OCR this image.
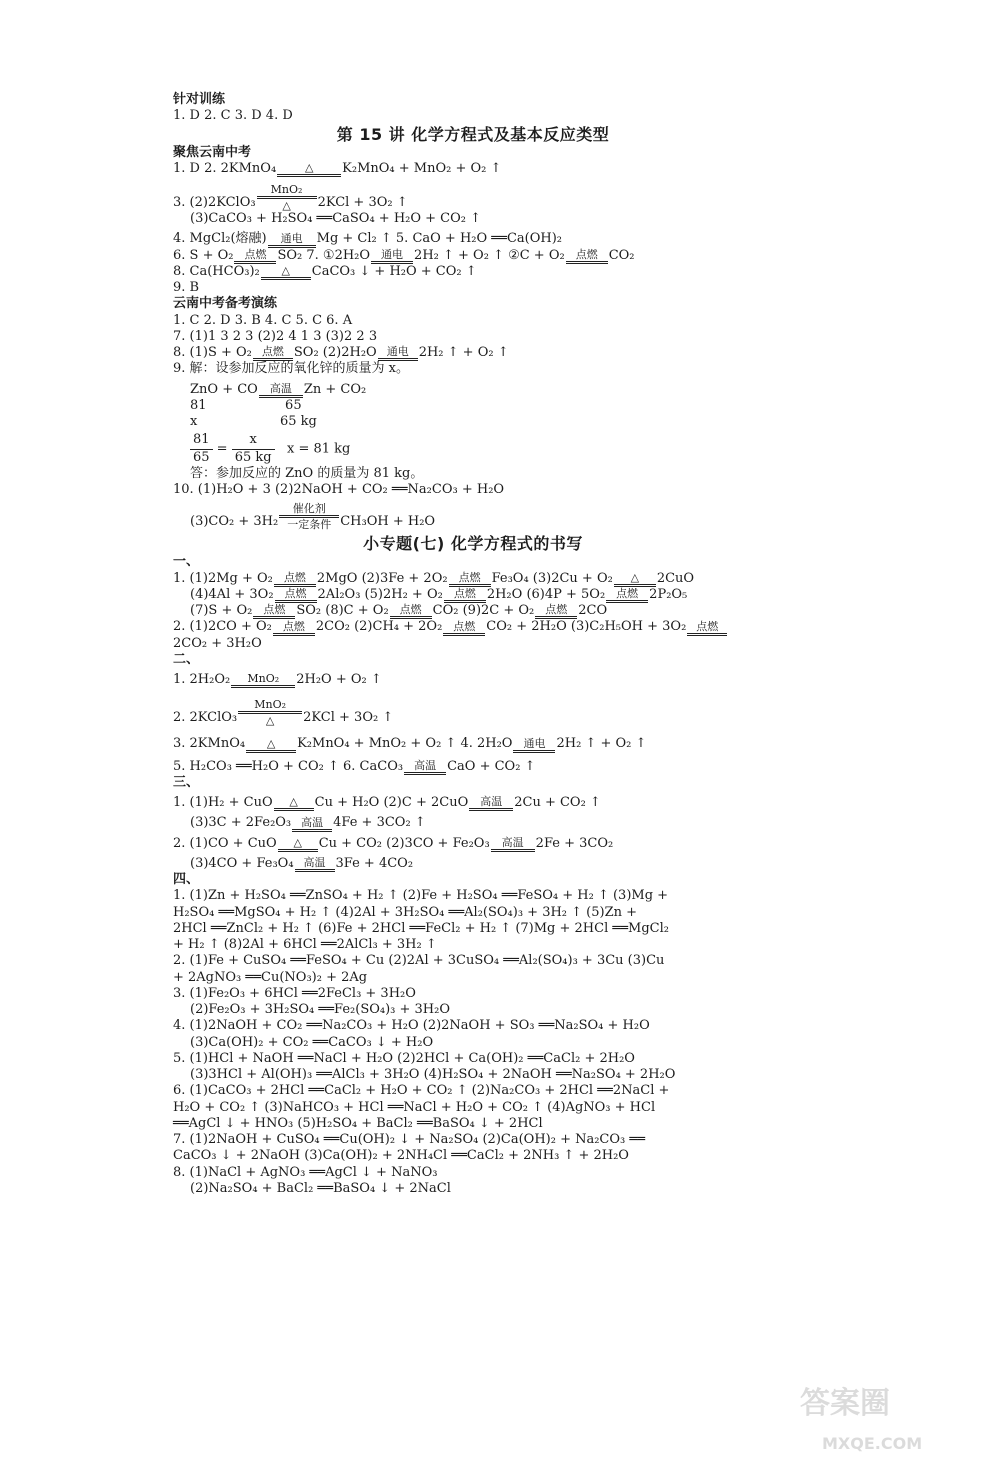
针对训练

1. D 2. C 3. D 4. D

第 15 讲 化学方程式及基本反应类型

聚焦云南中考

1. D 2. 2KMnO₄	△	K₂MnO₄ + MnO₂ + O₂ ↑

3. (2)2KClO₃
MnO₂
△	2KCl + 3O₂ ↑

(3)CaCO₃ + H₂SO₄ ══CaSO₄ + H₂O + CO₂ ↑

4. MgCl₂(熔融)	通电	Mg + Cl₂ ↑ 5. CaO + H₂O ══Ca(OH)₂

6. S + O₂	点燃 SO₂ 7. ①2H₂O	通电 2H₂ ↑ + O₂ ↑ ②C + O₂	点燃 CO₂

8. Ca(HCO₃)₂	△	CaCO₃ ↓ + H₂O + CO₂ ↑

9. B

云南中考备考演练

1. C 2. D 3. B 4. C 5. C 6. A

7. (1)1 3 2 3 (2)2 4 1 3 (3)2 2 3

8. (1)S + O₂ 点燃 SO₂ (2)2H₂O 通电 2H₂ ↑ + O₂ ↑

9. 解：设参加反应的氧化锌的质量为 x。

ZnO + CO	高温 Zn + CO₂

81                   65

x                    65 kg

$\frac{81}{65} = \frac{x}{65 kg}$ x = 81 kg

答：参加反应的 ZnO 的质量为 81 kg。

10. (1)H₂O + 3 (2)2NaOH + CO₂ ══Na₂CO₃ + H₂O

(3)CO₂ + 3H₂
催化剂
一定条件 CH₃OH + H₂O

小专题(七) 化学方程式的书写

一、

1. (1)2Mg + O₂	点燃 2MgO (2)3Fe + 2O₂	点燃 Fe₃O₄ (3)2Cu + O₂	△	2CuO

(4)4Al + 3O₂	点燃 2Al₂O₃ (5)2H₂ + O₂	点燃 2H₂O (6)4P + 5O₂	点燃 2P₂O₅

(7)S + O₂	点燃 SO₂ (8)C + O₂	点燃 CO₂ (9)2C + O₂	点燃 2CO

2. (1)2CO + O₂	点燃 2CO₂ (2)CH₄ + 2O₂	点燃 CO₂ + 2H₂O (3)C₂H₅OH + 3O₂ 点燃

2CO₂ + 3H₂O

二、

1. 2H₂O₂	MnO₂	2H₂O + O₂ ↑

2. 2KClO₃
MnO₂
△	2KCl + 3O₂ ↑

3. 2KMnO₄	△	K₂MnO₄ + MnO₂ + O₂ ↑ 4. 2H₂O	通电 2H₂ ↑ + O₂ ↑

5. H₂CO₃ ══H₂O + CO₂ ↑ 6. CaCO₃	高温 CaO + CO₂ ↑

三、

1. (1)H₂ + CuO	△	Cu + H₂O (2)C + 2CuO	高温 2Cu + CO₂ ↑

(3)3C + 2Fe₂O₃ 高温 4Fe + 3CO₂ ↑

2. (1)CO + CuO	△	Cu + CO₂ (2)3CO + Fe₂O₃	高温 2Fe + 3CO₂

(3)4CO + Fe₃O₄ 高温 3Fe + 4CO₂

四、

1. (1)Zn + H₂SO₄ ══ZnSO₄ + H₂ ↑ (2)Fe + H₂SO₄ ══FeSO₄ + H₂ ↑ (3)Mg +

H₂SO₄ ══MgSO₄ + H₂ ↑ (4)2Al + 3H₂SO₄ ══Al₂(SO₄)₃ + 3H₂ ↑ (5)Zn +

2HCl ══ZnCl₂ + H₂ ↑ (6)Fe + 2HCl ══FeCl₂ + H₂ ↑ (7)Mg + 2HCl ══MgCl₂

+ H₂ ↑ (8)2Al + 6HCl ══2AlCl₃ + 3H₂ ↑

2. (1)Fe + CuSO₄ ══FeSO₄ + Cu (2)2Al + 3CuSO₄ ══Al₂(SO₄)₃ + 3Cu (3)Cu

+ 2AgNO₃ ══Cu(NO₃)₂ + 2Ag

3. (1)Fe₂O₃ + 6HCl ══2FeCl₃ + 3H₂O

(2)Fe₂O₃ + 3H₂SO₄ ══Fe₂(SO₄)₃ + 3H₂O

4. (1)2NaOH + CO₂ ══Na₂CO₃ + H₂O (2)2NaOH + SO₃ ══Na₂SO₄ + H₂O

(3)Ca(OH)₂ + CO₂ ══CaCO₃ ↓ + H₂O

5. (1)HCl + NaOH ══NaCl + H₂O (2)2HCl + Ca(OH)₂ ══CaCl₂ + 2H₂O

(3)3HCl + Al(OH)₃ ══AlCl₃ + 3H₂O (4)H₂SO₄ + 2NaOH ══Na₂SO₄ + 2H₂O

6. (1)CaCO₃ + 2HCl ══CaCl₂ + H₂O + CO₂ ↑ (2)Na₂CO₃ + 2HCl ══2NaCl +

H₂O + CO₂ ↑ (3)NaHCO₃ + HCl ══NaCl + H₂O + CO₂ ↑ (4)AgNO₃ + HCl

══AgCl ↓ + HNO₃ (5)H₂SO₄ + BaCl₂ ══BaSO₄ ↓ + 2HCl

7. (1)2NaOH + CuSO₄ ══Cu(OH)₂ ↓ + Na₂SO₄ (2)Ca(OH)₂ + Na₂CO₃ ══

CaCO₃ ↓ + 2NaOH (3)Ca(OH)₂ + 2NH₄Cl ══CaCl₂ + 2NH₃ ↑ + 2H₂O

8. (1)NaCl + AgNO₃ ══AgCl ↓ + NaNO₃

(2)Na₂SO₄ + BaCl₂ ══BaSO₄ ↓ + 2NaCl

答案圈
MXQE.COM
